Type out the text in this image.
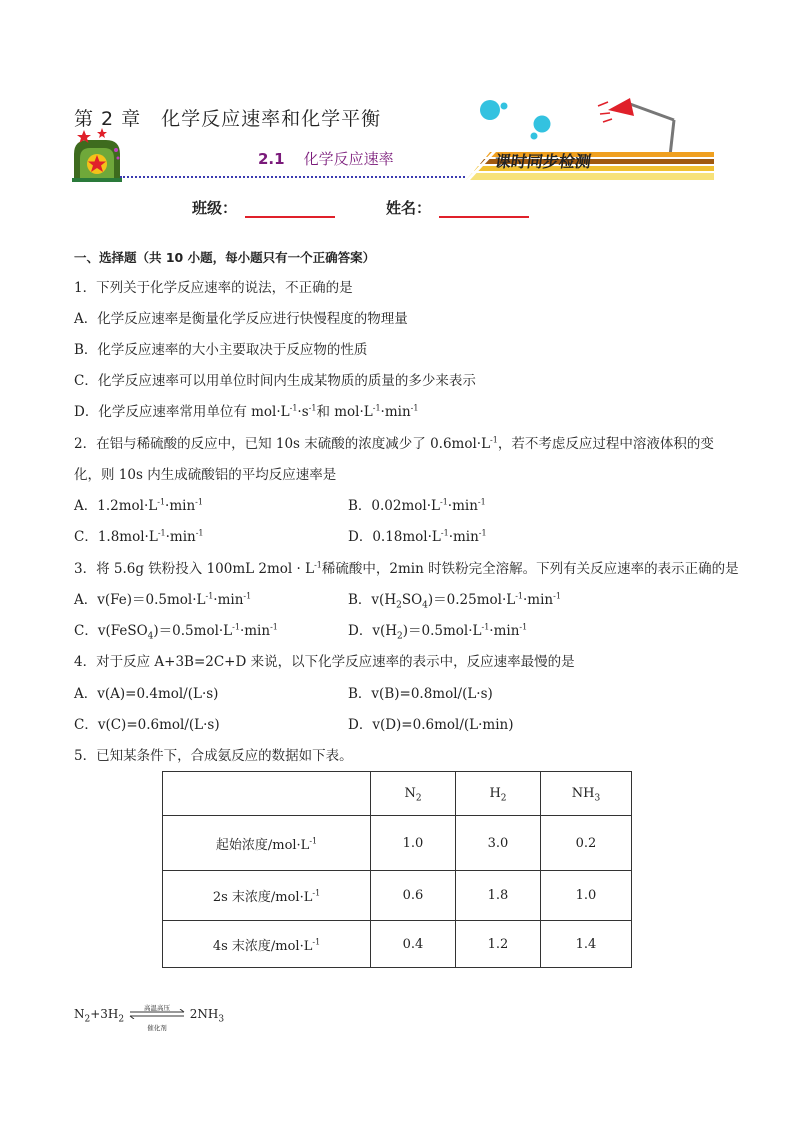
课时同步检测
第 2 章　化学反应速率和化学平衡
2.1 化学反应速率
班级：	姓名：
一、选择题（共 10 小题，每小题只有一个正确答案）
1．下列关于化学反应速率的说法，不正确的是
A．化学反应速率是衡量化学反应进行快慢程度的物理量
B．化学反应速率的大小主要取决于反应物的性质
C．化学反应速率可以用单位时间内生成某物质的质量的多少来表示
D．化学反应速率常用单位有 $mol\cdot L^{-1}\cdot s^{-1}$和 $mol\cdot L^{-1}\cdot\min^{-1}$
2．在铝与稀硫酸的反应中，已知 10s 末硫酸的浓度减少了 $0.6mol\cdot L^{-1}$，若不考虑反应过程中溶液体积的变
化，则 10s 内生成硫酸铝的平均反应速率是
A．$1.2mol\cdot L^{-1}\cdot\min^{-1}$	B．$0.02mol\cdot L^{-1}\cdot\min^{-1}$
C．$1.8mol\cdot L^{-1}\cdot\min^{-1}$	D．$0.18mol\cdot L^{-1}\cdot\min^{-1}$
3．将 5.6g 铁粉投入 100mL $2mol \cdot L^{-1}$稀硫酸中，2min 时铁粉完全溶解。下列有关反应速率的表示正确的是
A．$v(Fe)=0.5mol\cdot L^{-1}\cdot\min^{-1}$	B．$v(H_2SO_4)=0.25mol\cdot L^{-1}\cdot\min^{-1}$
C．$v(FeSO_4)=0.5mol\cdot L^{-1}\cdot\min^{-1}$	D．$v(H_2)=0.5mol\cdot L^{-1}\cdot\min^{-1}$
4．对于反应 A+3B=2C+D 来说，以下化学反应速率的表示中，反应速率最慢的是
A．v(A)=0.4mol/(L·s)	B．v(B)=0.8mol/(L·s)
C．v(C)=0.6mol/(L·s)	D．v(D)=0.6mol/(L·min)
5．已知某条件下，合成氨反应的数据如下表。
	$N_2$	$H_2$	$NH_3$
起始浓度$/mol\cdot L^{-1}$	1.0	3.0	0.2
2s 末浓度$/mol\cdot L^{-1}$	0.6	1.8	1.0
4s 末浓度$/mol\cdot L^{-1}$	0.4	1.2	1.4
$N_2+3H_2$
高温高压
催化剂
$2NH_3$
